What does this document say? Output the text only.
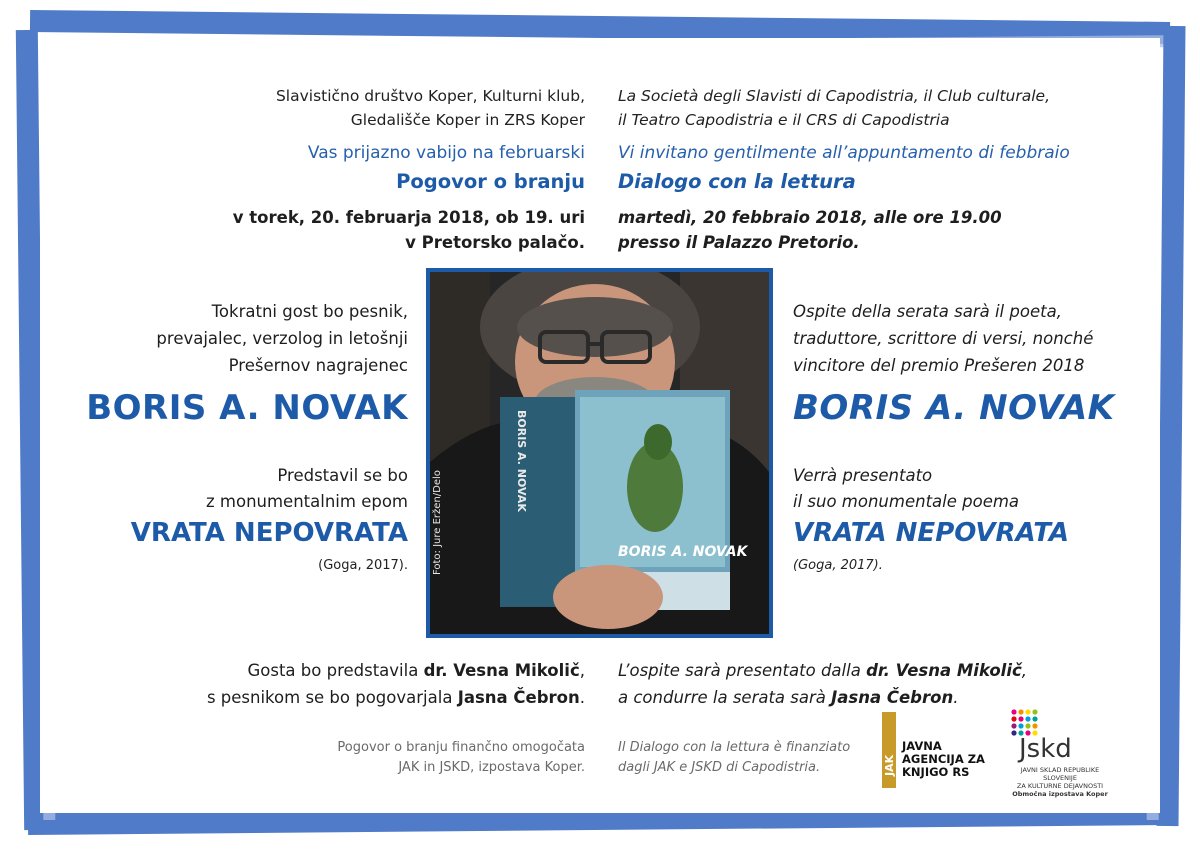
Slavistično društvo Koper, Kulturni klub,
Gledališče Koper in ZRS Koper
Vas prijazno vabijo na februarski
Pogovor o branju
v torek, 20. februarja 2018, ob 19. uri
v Pretorsko palačo.
Tokratni gost bo pesnik,
prevajalec, verzolog in letošnji
Prešernov nagrajenec
BORIS A. NOVAK
Predstavil se bo
z monumentalnim epom
VRATA NEPOVRATA
(Goga, 2017).
Gosta bo predstavila dr. Vesna Mikolič,
s pesnikom se bo pogovarjala Jasna Čebron.
Pogovor o branju finančno omogočata
JAK in JSKD, izpostava Koper.
La Società degli Slavisti di Capodistria, il Club culturale,
il Teatro Capodistria e il CRS di Capodistria
Vi invitano gentilmente all’appuntamento di febbraio
Dialogo con la lettura
martedì, 20 febbraio 2018, alle ore 19.00
presso il Palazzo Pretorio.
Ospite della serata sarà il poeta,
traduttore, scrittore di versi, nonché
vincitore del premio Prešeren 2018
BORIS A. NOVAK
Verrà presentato
il suo monumentale poema
VRATA NEPOVRATA
(Goga, 2017).
L’ospite sarà presentato dalla dr. Vesna Mikolič,
a condurre la serata sarà Jasna Čebron.
Il Dialogo con la lettura è finanziato
dagli JAK e JSKD di Capodistria.
BORIS A. NOVAK
BORIS A. NOVAK
Foto: Jure Eržen/Delo
JAK
JAVNA
AGENCIJA ZA
KNJIGO RS
Jskd
JAVNI SKLAD REPUBLIKE SLOVENIJE
ZA KULTURNE DEJAVNOSTI
Območna izpostava Koper
